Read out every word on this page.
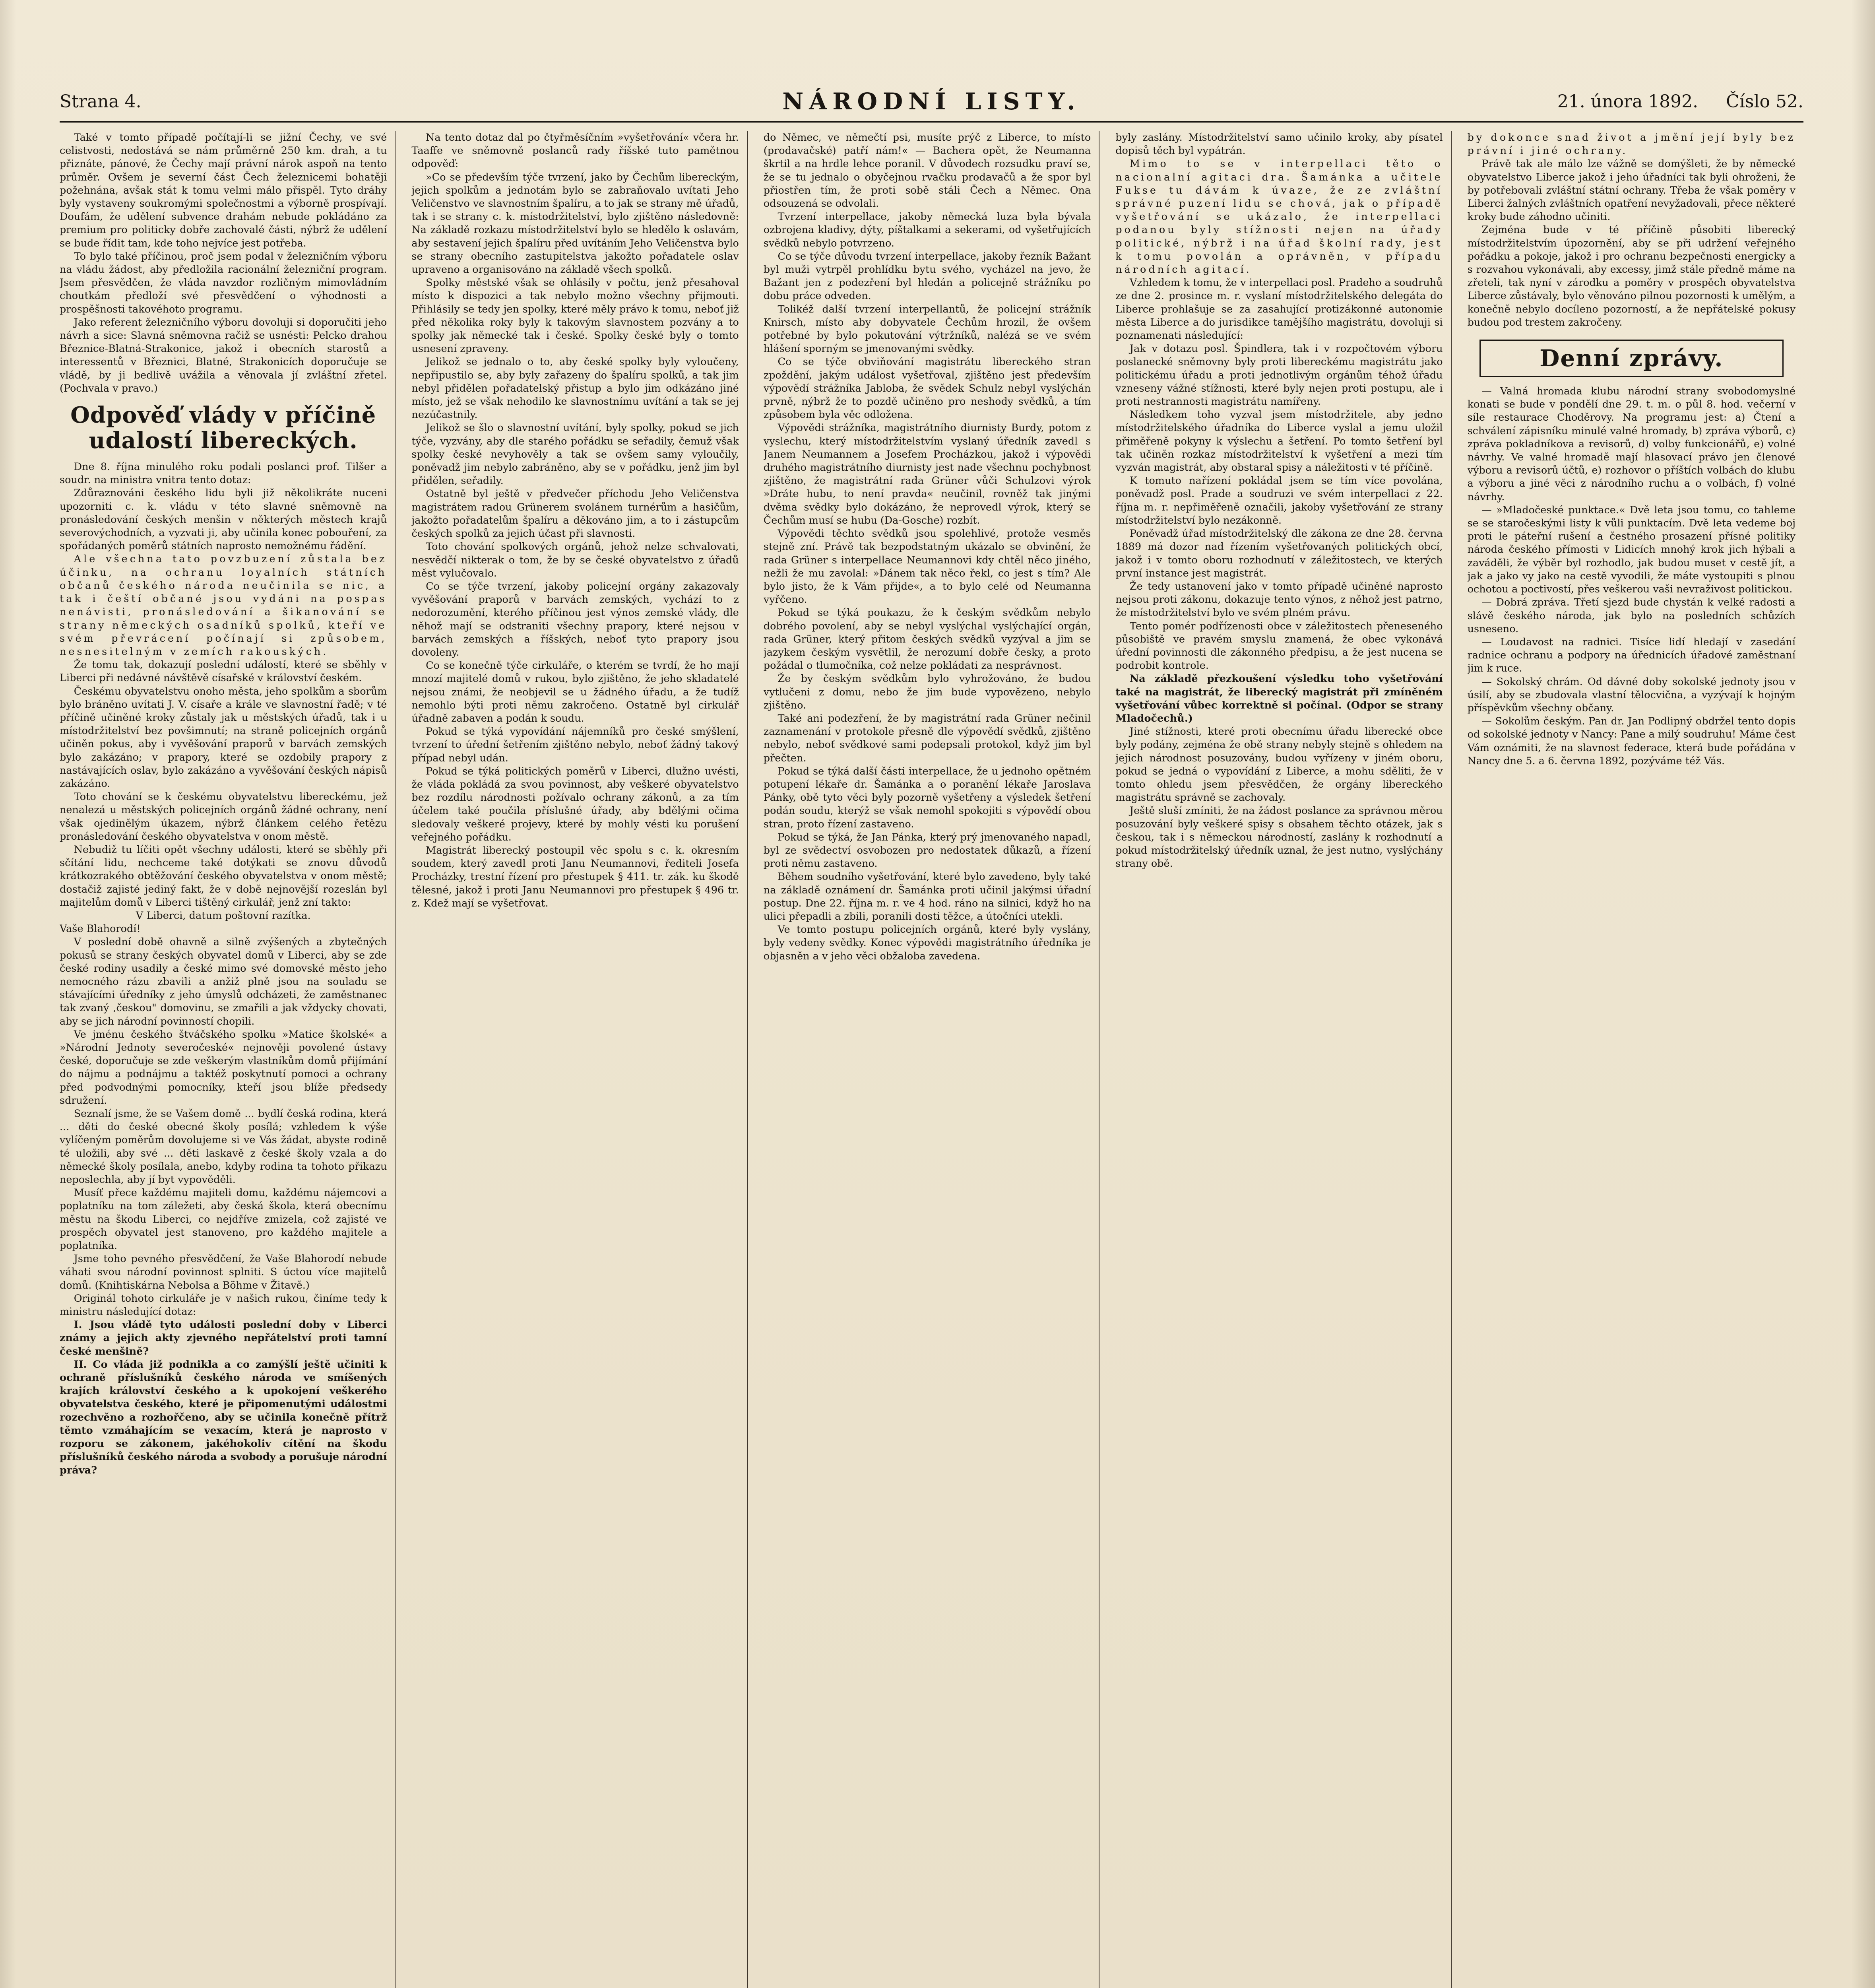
Strana 4.	NÁRODNÍ LISTY.	21. února 1892. Číslo 52.

Také v tomto případě počítají-li se jižní Čechy, ve své celistvosti, nedostává se nám průměrně 250 km. drah, a tu přiznáte, pánové, že Čechy mají právní nárok aspoň na tento průměr. Ovšem je severní část Čech železnicemi bohatěji požehnána, avšak stát k tomu velmi málo přispěl. Tyto dráhy byly vystaveny soukromými společnostmi a výborně prospívají. Doufám, že udělení subvence drahám nebude pokládáno za premium pro politicky dobře zachovalé části, nýbrž že udělení se bude řídit tam, kde toho nejvíce jest potřeba.

To bylo také příčinou, proč jsem podal v železničním výboru na vládu žádost, aby předložila racionální železniční program. Jsem přesvědčen, že vláda navzdor rozličným mimovládním choutkám předloží své přesvědčení o výhodnosti a prospěšnosti takovéhoto programu.

Jako referent železničního výboru dovoluji si doporučiti jeho návrh a sice: Slavná sněmovna račiž se usnésti: Pelcko drahou Březnice-Blatná-Strakonice, jakož i obecních starostů a interessentů v Březnici, Blatné, Strakonicích doporučuje se vládě, by ji bedlivě uvážila a věnovala jí zvláštní zřetel. (Pochvala v pravo.)

Odpověď vlády v příčině udalostí libereckých.

Dne 8. října minulého roku podali poslanci prof. Tilšer a soudr. na ministra vnitra tento dotaz:

Zdůraznováni českého lidu byli již několikráte nuceni upozorniti c. k. vládu v této slavné sněmovně na pronásledování českých menšin v některých městech krajů severovýchodních, a vyzvati ji, aby učinila konec pobouření, za spořádaných poměrů státních naprosto nemožnému řádění.

Ale všechna tato povzbuzení zůstala bez účinku, na ochranu loyalních státních občanů českého národa neučinila se nic, a tak i čeští občané jsou vydáni na pospas nenávisti, pronásledování a šikanování se strany německých osadníků spolků, kteří ve svém převrácení počínají si způsobem, nesnesitelným v zemích rakouských.

Že tomu tak, dokazují poslední událostí, které se sběhly v Liberci při nedávné návštěvě císařské v království českém.

Českému obyvatelstvu onoho města, jeho spolkům a sborům bylo bráněno uvítati J. V. císaře a krále ve slavnostní řadě; v té příčině učiněné kroky zůstaly jak u městských úřadů, tak i u místodržitelství bez povšimnutí; na straně policejních orgánů učiněn pokus, aby i vyvěšování praporů v barvách zemských bylo zakázáno; v prapory, které se ozdobily prapory z nastávajících oslav, bylo zakázáno a vyvěšování českých nápisů zakázáno.

Toto chování se k českému obyvatelstvu libereckému, jež nenalezá u městských policejních orgánů žádné ochrany, není však ojedinělým úkazem, nýbrž článkem celého řetězu pronásledování českého obyvatelstva v onom městě.

Nebudiž tu líčiti opět všechny události, které se sběhly při sčítání lidu, nechceme také dotýkati se znovu důvodů krátkozrakého obtěžování českého obyvatelstva v onom městě; dostačiž zajisté jediný fakt, že v době nejnovější rozeslán byl majitelům domů v Liberci tištěný cirkulář, jenž zní takto:

V Liberci, datum poštovní razítka.

Vaše Blahorodí!

V poslední době ohavně a silně zvýšených a zbytečných pokusů se strany českých obyvatel domů v Liberci, aby se zde české rodiny usadily a české mimo své domovské město jeho nemocného rázu zbavili a anžiž plně jsou na souladu se stávajícími úředníky z jeho úmyslů odcházeti, že zaměstnanec tak zvaný ,českou" domovinu, se zmařili a jak vždycky chovati, aby se jich národní povinností chopili.

Ve jménu českého štváčského spolku »Matice školské« a »Národní Jednoty severočeské« nejnověji povolené ústavy české, doporučuje se zde veškerým vlastníkům domů přijímání do nájmu a podnájmu a taktéž poskytnutí pomoci a ochrany před podvodnými pomocníky, kteří jsou blíže předsedy sdružení.

Seznalí jsme, že se Vašem domě ... bydlí česká rodina, která ... děti do české obecné školy posílá; vzhledem k výše vylíčeným poměrům dovolujeme si ve Vás žádat, abyste rodině té uložili, aby své ... děti laskavě z české školy vzala a do německé školy posílala, anebo, kdyby rodina ta tohoto přikazu neposlechla, aby jí byt vypověděli.

Musíť přece každému majiteli domu, každému nájemcovi a poplatníku na tom záležeti, aby česká škola, která obecnímu městu na škodu Liberci, co nejdříve zmizela, což zajisté ve prospěch obyvatel jest stanoveno, pro každého majitele a poplatníka.

Jsme toho pevného přesvědčení, že Vaše Blahorodí nebude váhati svou národní povinnost splniti. S úctou více majitelů domů. (Knihtiskárna Nebolsa a Böhme v Žitavě.)

Originál tohoto cirkuláře je v našich rukou, činíme tedy k ministru následující dotaz:

I. Jsou vládě tyto události poslední doby v Liberci známy a jejich akty zjevného nepřátelství proti tamní české menšině?

II. Co vláda již podnikla a co zamýšlí ještě učiniti k ochraně příslušníků českého národa ve smíšených krajích království českého a k upokojení veškerého obyvatelstva českého, které je připomenutými událostmi rozechvěno a rozhořčeno, aby se učinila konečně přítrž těmto vzmáhajícím se vexacím, která je naprosto v rozporu se zákonem, jakéhokoliv cítění na škodu příslušníků českého národa a svobody a porušuje národní práva?

Na tento dotaz dal po čtyřměsíčním »vyšetřování« včera hr. Taaffe ve sněmovně poslanců rady říšské tuto pamětnou odpověď:

»Co se především týče tvrzení, jako by Čechům libereckým, jejich spolkům a jednotám bylo se zabraňovalo uvítati Jeho Veličenstvo ve slavnostním špalíru, a to jak se strany mě úřadů, tak i se strany c. k. místodržitelství, bylo zjištěno následovně: Na základě rozkazu místodržitelství bylo se hledělo k oslavám, aby sestavení jejich špalíru před uvítáním Jeho Veličenstva bylo se strany obecního zastupitelstva jakožto pořadatele oslav upraveno a organisováno na základě všech spolků.

Spolky městské však se ohlásily v počtu, jenž přesahoval místo k dispozici a tak nebylo možno všechny přijmouti. Přihlásily se tedy jen spolky, které měly právo k tomu, neboť již před několika roky byly k takovým slavnostem pozvány a to spolky jak německé tak i české. Spolky české byly o tomto usnesení zpraveny.

Jelikož se jednalo o to, aby české spolky byly vyloučeny, nepřipustilo se, aby byly zařazeny do špalíru spolků, a tak jim nebyl přidělen pořadatelský přistup a bylo jim odkázáno jiné místo, jež se však nehodilo ke slavnostnímu uvítání a tak se jej nezúčastnily.

Jelikož se šlo o slavnostní uvítání, byly spolky, pokud se jich týče, vyzvány, aby dle starého pořádku se seřadily, čemuž však spolky české nevyhověly a tak se ovšem samy vyloučily, poněvadž jim nebylo zabráněno, aby se v pořádku, jenž jim byl přidělen, seřadily.

Ostatně byl ještě v předvečer příchodu Jeho Veličenstva magistrátem radou Grünerem svolánem turnérům a hasičům, jakožto pořadatelům špalíru a děkováno jim, a to i zástupcům českých spolků za jejich účast při slavnosti.

Toto chování spolkových orgánů, jehož nelze schvalovati, nesvědčí nikterak o tom, že by se české obyvatelstvo z úřadů měst vylučovalo.

Co se týče tvrzení, jakoby policejní orgány zakazovaly vyvěšování praporů v barvách zemských, vychází to z nedorozumění, kterého příčinou jest výnos zemské vlády, dle něhož mají se odstraniti všechny prapory, které nejsou v barvách zemských a říšských, neboť tyto prapory jsou dovoleny.

Co se konečně týče cirkuláře, o kterém se tvrdí, že ho mají mnozí majitelé domů v rukou, bylo zjištěno, že jeho skladatelé nejsou známi, že neobjevil se u žádného úřadu, a že tudíž nemohlo býti proti němu zakročeno. Ostatně byl cirkulář úřadně zabaven a podán k soudu.

Pokud se týká vypovídání nájemníků pro české smýšlení, tvrzení to úřední šetřením zjištěno nebylo, neboť žádný takový případ nebyl udán.

Pokud se týká politických poměrů v Liberci, dlužno uvésti, že vláda pokládá za svou povinnost, aby veškeré obyvatelstvo bez rozdílu národnosti požívalo ochrany zákonů, a za tím účelem také poučila příslušné úřady, aby bdělými očima sledovaly veškeré projevy, které by mohly vésti ku porušení veřejného pořádku.

Magistrát liberecký postoupil věc spolu s c. k. okresním soudem, který zavedl proti Janu Neumannovi, řediteli Josefa Procházky, trestní řízení pro přestupek § 411. tr. zák. ku škodě tělesné, jakož i proti Janu Neumannovi pro přestupek § 496 tr. z. Kdež mají se vyšetřovat.

do Němec, ve němečtí psi, musíte prýč z Liberce, to místo (prodavačské) patří nám!« — Bachera opět, že Neumanna škrtil a na hrdle lehce poranil. V důvodech rozsudku praví se, že se tu jednalo o obyčejnou rvačku prodavačů a že spor byl přiostřen tím, že proti sobě stáli Čech a Němec. Ona odsouzená se odvolali.

Tvrzení interpellace, jakoby německá luza byla bývala ozbrojena kladivy, dýty, píštalkami a sekerami, od vyšetřujících svědků nebylo potvrzeno.

Co se týče důvodu tvrzení interpellace, jakoby řezník Bažant byl muži vytrpěl prohlídku bytu svého, vycházel na jevo, že Bažant jen z podezření byl hledán a policejně strážníku po dobu práce odveden.

Tolikéž další tvrzení interpellantů, že policejní strážník Knirsch, místo aby dobyvatele Čechům hrozil, že ovšem potřebné by bylo pokutování výtržníků, nalézá se ve svém hlášení sporným se jmenovanými svědky.

Co se týče obviňování magistrátu libereckého stran zpoždění, jakým událost vyšetřoval, zjištěno jest především výpovědí strážníka Jabloba, že svědek Schulz nebyl vyslýchán prvně, nýbrž že to pozdě učiněno pro neshody svědků, a tím způsobem byla věc odložena.

Výpovědi strážníka, magistrátního diurnisty Burdy, potom z vyslechu, který místodržitelstvím vyslaný úředník zavedl s Janem Neumannem a Josefem Procházkou, jakož i výpovědi druhého magistrátního diurnisty jest nade všechnu pochybnost zjištěno, že magistrátní rada Grüner vůči Schulzovi výrok »Dráte hubu, to není pravda« neučinil, rovněž tak jinými dvěma svědky bylo dokázáno, že neprovedl výrok, který se Čechům musí se hubu (Da-Gosche) rozbít.

Výpovědi těchto svědků jsou spolehlivé, protože vesměs stejně zní. Právě tak bezpodstatným ukázalo se obvinění, že rada Grüner s interpellace Neumannovi kdy chtěl něco jiného, nežli že mu zavolal: »Dánem tak něco řekl, co jest s tím? Ale bylo jisto, že k Vám přijde«, a to bylo celé od Neumanna vyřčeno.

Pokud se týká poukazu, že k českým svědkům nebylo dobrého povolení, aby se nebyl vyslýchal vyslýchající orgán, rada Grüner, který přitom českých svědků vyzýval a jim se jazykem českým vysvětlil, že nerozumí dobře česky, a proto požádal o tlumočníka, což nelze pokládati za nesprávnost.

Že by českým svědkům bylo vyhrožováno, že budou vytlučeni z domu, nebo že jim bude vypovězeno, nebylo zjištěno.

Také ani podezření, že by magistrátní rada Grüner nečinil zaznamenání v protokole přesně dle výpovědí svědků, zjištěno nebylo, neboť svědkové sami podepsali protokol, když jim byl přečten.

Pokud se týká další části interpellace, že u jednoho opětném potupení lékaře dr. Šamánka a o poranění lékaře Jaroslava Pánky, obě tyto věci byly pozorně vyšetřeny a výsledek šetření podán soudu, kterýž se však nemohl spokojiti s výpovědí obou stran, proto řízení zastaveno.

Pokud se týká, že Jan Pánka, který prý jmenovaného napadl, byl ze svědectví osvobozen pro nedostatek důkazů, a řízení proti němu zastaveno.

Během soudního vyšetřování, které bylo zavedeno, byly také na základě oznámení dr. Šamánka proti učinil jakýmsi úřadní postup. Dne 22. října m. r. ve 4 hod. ráno na silnici, když ho na ulici přepadli a zbili, poranili dosti těžce, a útočníci utekli.

Ve tomto postupu policejních orgánů, které byly vyslány, byly vedeny svědky. Konec výpovědi magistrátního úředníka je objasněn a v jeho věci obžaloba zavedena.

byly zaslány. Místodržitelství samo učinilo kroky, aby písatel dopisů těch byl vypátrán.

Mimo to se v interpellaci těto o nacionalní agitaci dra. Šamánka a učitele Fukse tu dávám k úvaze, že ze zvláštní správné puzení lidu se chová, jak o případě vyšetřování se ukázalo, že interpellaci podanou byly stížnosti nejen na úřady politické, nýbrž i na úřad školní rady, jest k tomu povolán a oprávněn, v případu národních agitací.

Vzhledem k tomu, že v interpellaci posl. Pradeho a soudruhů ze dne 2. prosince m. r. vyslaní místodržitelského delegáta do Liberce prohlašuje se za zasahující protizákonné autonomie města Liberce a do jurisdikce tamějšího magistrátu, dovoluji si poznamenati následující:

Jak v dotazu posl. Špindlera, tak i v rozpočtovém výboru poslanecké sněmovny byly proti libereckému magistrátu jako politickému úřadu a proti jednotlivým orgánům téhož úřadu vzneseny vážné stížnosti, které byly nejen proti postupu, ale i proti nestrannosti magistrátu namířeny.

Následkem toho vyzval jsem místodržitele, aby jedno místodržitelského úřadníka do Liberce vyslal a jemu uložil přiměřeně pokyny k výslechu a šetření. Po tomto šetření byl tak učiněn rozkaz místodržitelství k vyšetření a mezi tím vyzván magistrát, aby obstaral spisy a náležitosti v té příčině.

K tomuto nařízení pokládal jsem se tím více povolána, poněvadž posl. Prade a soudruzi ve svém interpellaci z 22. října m. r. nepřiměřeně označili, jakoby vyšetřování ze strany místodržitelství bylo nezákonně.

Poněvadž úřad místodržitelský dle zákona ze dne 28. června 1889 má dozor nad řízením vyšetřovaných politických obcí, jakož i v tomto oboru rozhodnutí v záležitostech, ve kterých první instance jest magistrát.

Že tedy ustanovení jako v tomto případě učiněné naprosto nejsou proti zákonu, dokazuje tento výnos, z něhož jest patrno, že místodržitelství bylo ve svém plném právu.

Tento pomér podřízenosti obce v záležitostech přeneseného působiště ve pravém smyslu znamená, že obec vykonává úřední povinnosti dle zákonného předpisu, a že jest nucena se podrobit kontrole.

Na základě přezkoušení výsledku toho vyšetřování také na magistrát, že liberecký magistrát při zmíněném vyšetřování vůbec korrektně si počínal. (Odpor se strany Mladočechů.)

Jiné stížnosti, které proti obecnímu úřadu liberecké obce byly podány, zejména že obě strany nebyly stejně s ohledem na jejich národnost posuzovány, budou vyřízeny v jiném oboru, pokud se jedná o vypovídání z Liberce, a mohu sděliti, že v tomto ohledu jsem přesvědčen, že orgány libereckého magistrátu správně se zachovaly.

Ještě sluší zmíniti, že na žádost poslance za správnou měrou posuzování byly veškeré spisy s obsahem těchto otázek, jak s českou, tak i s německou národností, zaslány k rozhodnutí a pokud místodržitelský úředník uznal, že jest nutno, vyslýchány strany obě.

by dokonce snad život a jmění její byly bez právní i jiné ochrany.

Právě tak ale málo lze vážně se domýšleti, že by německé obyvatelstvo Liberce jakož i jeho úřadníci tak byli ohroženi, že by potřebovali zvláštní státní ochrany. Třeba že však poměry v Liberci žalných zvláštních opatření nevyžadovali, přece některé kroky bude záhodno učiniti.

Zejména bude v té příčině působiti liberecký místodržitelstvím úpozornění, aby se při udržení veřejného pořádku a pokoje, jakož i pro ochranu bezpečnosti energicky a s rozvahou vykonávali, aby excessy, jimž stále předně máme na zřeteli, tak nyní v zárodku a poměry v prospěch obyvatelstva Liberce zůstávaly, bylo věnováno pilnou pozornosti k umělým, a konečně nebylo docíleno pozorností, a že nepřátelské pokusy budou pod trestem zakročeny.

Denní zprávy.

— Valná hromada klubu národní strany svobodomyslné konati se bude v pondělí dne 29. t. m. o půl 8. hod. večerní v síle restaurace Choděrovy. Na programu jest: a) Čtení a schválení zápisníku minulé valné hromady, b) zpráva výborů, c) zpráva pokladníkova a revisorů, d) volby funkcionářů, e) volné návrhy. Ve valné hromadě mají hlasovací právo jen členové výboru a revisorů účtů, e) rozhovor o příštích volbách do klubu a výboru a jiné věci z národního ruchu a o volbách, f) volné návrhy.

— »Mladočeské punktace.« Dvě leta jsou tomu, co tahleme se se staročeskými listy k vůli punktacím. Dvě leta vedeme boj proti le páteřní rušení a čestného prosazení přísné politiky národa českého přímosti v Lidicích mnohý krok jich hýbali a zaváděli, že výběr byl rozhodlo, jak budou muset v cestě jít, a jak a jako vy jako na cestě vyvodili, že máte vystoupiti s plnou ochotou a poctivostí, přes veškerou vaši nevraživost politickou.

— Dobrá zpráva. Třetí sjezd bude chystán k velké radosti a slávě českého národa, jak bylo na posledních schůzích usneseno.

— Loudavost na radnici. Tisíce lidí hledají v zasedání radnice ochranu a podpory na úřednicích úřadové zaměstnaní jim k ruce.

— Sokolský chrám. Od dávné doby sokolské jednoty jsou v úsilí, aby se zbudovala vlastní tělocvična, a vyzývají k hojným příspěvkům všechny občany.

— Sokolům českým. Pan dr. Jan Podlipný obdržel tento dopis od sokolské jednoty v Nancy: Pane a milý soudruhu! Máme čest Vám oznámiti, že na slavnost federace, která bude pořádána v Nancy dne 5. a 6. června 1892, pozýváme též Vás.
